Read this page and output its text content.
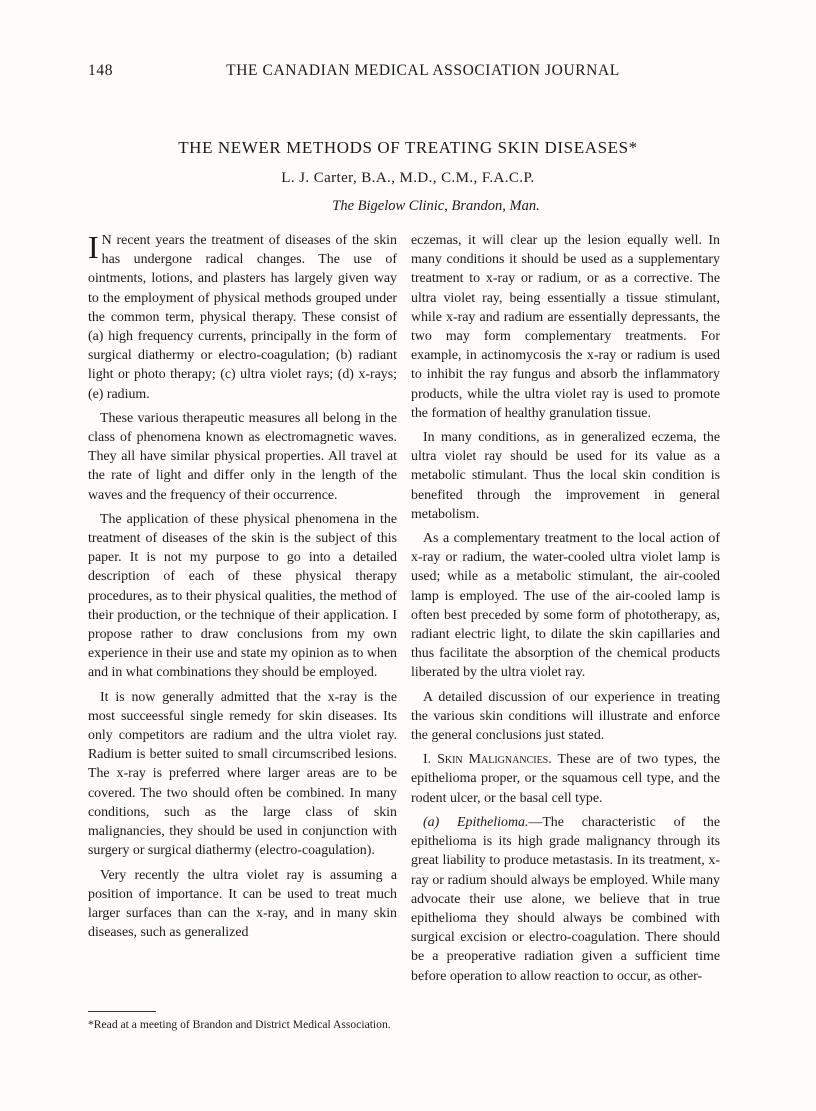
148	THE CANADIAN MEDICAL ASSOCIATION JOURNAL
THE NEWER METHODS OF TREATING SKIN DISEASES*
L. J. Carter, B.A., M.D., C.M., F.A.C.P.
The Bigelow Clinic, Brandon, Man.

I N recent years the treatment of diseases of the skin has undergone radical changes. The use of ointments, lotions, and plasters has largely given way to the employment of physical methods grouped under the common term, physical therapy. These consist of (a) high frequency currents, principally in the form of surgical diathermy or electro-coagulation; (b) radiant light or photo therapy; (c) ultra violet rays; (d) x-rays; (e) radium.

These various therapeutic measures all belong in the class of phenomena known as electromagnetic waves. They all have similar physical properties. All travel at the rate of light and differ only in the length of the waves and the frequency of their occurrence.

The application of these physical phenomena in the treatment of diseases of the skin is the subject of this paper. It is not my purpose to go into a detailed description of each of these physical therapy procedures, as to their physical qualities, the method of their production, or the technique of their application. I propose rather to draw conclusions from my own experience in their use and state my opinion as to when and in what combinations they should be employed.

It is now generally admitted that the x-ray is the most succeessful single remedy for skin diseases. Its only competitors are radium and the ultra violet ray. Radium is better suited to small circumscribed lesions. The x-ray is preferred where larger areas are to be covered. The two should often be combined. In many conditions, such as the large class of skin malignancies, they should be used in conjunction with surgery or surgical diathermy (electro-coagulation).

Very recently the ultra violet ray is assuming a position of importance. It can be used to treat much larger surfaces than can the x-ray, and in many skin diseases, such as generalized

eczemas, it will clear up the lesion equally well. In many conditions it should be used as a supplementary treatment to x-ray or radium, or as a corrective. The ultra violet ray, being essentially a tissue stimulant, while x-ray and radium are essentially depressants, the two may form complementary treatments. For example, in actinomycosis the x-ray or radium is used to inhibit the ray fungus and absorb the inflammatory products, while the ultra violet ray is used to promote the formation of healthy granulation tissue.

In many conditions, as in generalized eczema, the ultra violet ray should be used for its value as a metabolic stimulant. Thus the local skin condition is benefited through the improvement in general metabolism.

As a complementary treatment to the local action of x-ray or radium, the water-cooled ultra violet lamp is used; while as a metabolic stimulant, the air-cooled lamp is employed. The use of the air-cooled lamp is often best preceded by some form of phototherapy, as, radiant electric light, to dilate the skin capillaries and thus facilitate the absorption of the chemical products liberated by the ultra violet ray.

A detailed discussion of our experience in treating the various skin conditions will illustrate and enforce the general conclusions just stated.

I. Skin Malignancies. These are of two types, the epithelioma proper, or the squamous cell type, and the rodent ulcer, or the basal cell type.

(a) Epithelioma.—The characteristic of the epithelioma is its high grade malignancy through its great liability to produce metastasis. In its treatment, x-ray or radium should always be employed. While many advocate their use alone, we believe that in true epithelioma they should always be combined with surgical excision or electro-coagulation. There should be a preoperative radiation given a sufficient time before operation to allow reaction to occur, as other-

*Read at a meeting of Brandon and District Medical Association.
